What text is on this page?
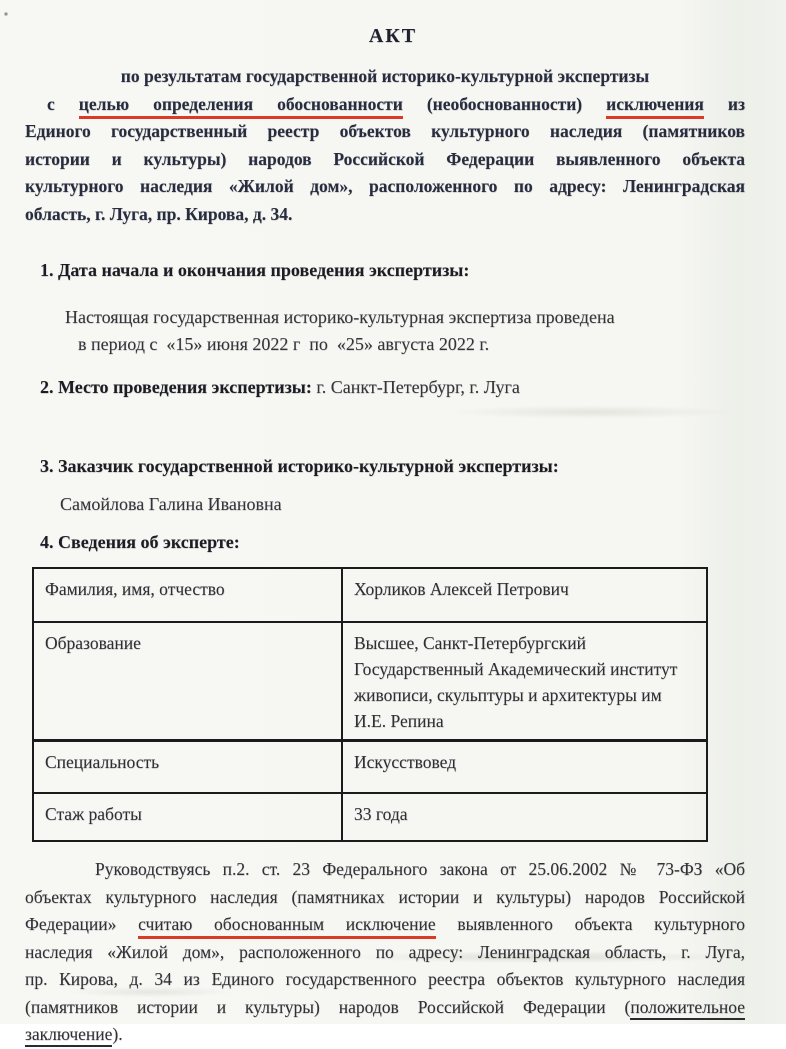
АКТ
по результатам государственной историко-культурной экспертизы
с целью определения обоснованности (необоснованности) исключения из
Единого государственный реестр объектов культурного наследия (памятников
истории и культуры) народов Российской Федерации выявленного объекта
культурного наследия «Жилой дом», расположенного по адресу: Ленинградская
область, г. Луга, пр. Кирова, д. 34.
1. Дата начала и окончания проведения экспертизы:
Настоящая государственная историко-культурная экспертиза проведена
в период с  «15» июня 2022 г  по  «25» августа 2022 г.
2. Место проведения экспертизы: г. Санкт-Петербург, г. Луга
3. Заказчик государственной историко-культурной экспертизы:
Самойлова Галина Ивановна
4. Сведения об эксперте:
Фамилия, имя, отчество	Хорликов Алексей Петрович

Образование	Высшее, Санкт-Петербургский
Государственный Академический институт
живописи, скульптуры и архитектуры им
И.Е. Репина

Специальность	Искусствовед

Стаж работы	33 года
Руководствуясь п.2. ст. 23 Федерального закона от 25.06.2002 № 73-ФЗ «Об
объектах культурного наследия (памятниках истории и культуры) народов Российской
Федерации» считаю обоснованным исключение выявленного объекта культурного
наследия «Жилой дом», расположенного по адресу: Ленинградская область, г. Луга,
пр. Кирова, д. 34 из Единого государственного реестра объектов культурного наследия
(памятников истории и культуры) народов Российской Федерации (положительное
заключение).
